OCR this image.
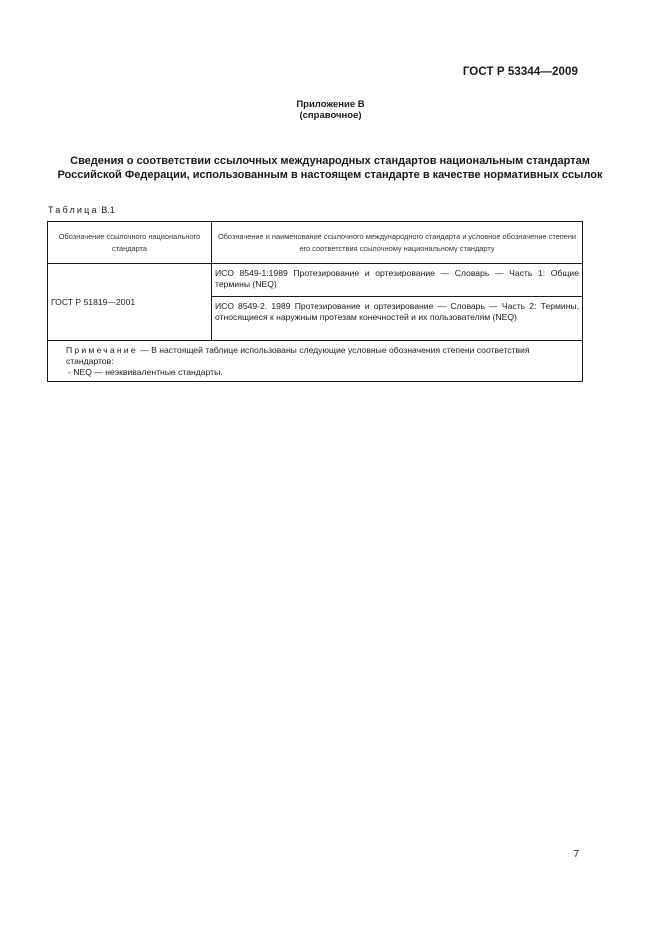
ГОСТ Р 53344—2009
Приложение В
(справочное)
Сведения о соответствии ссылочных международных стандартов национальным стандартам Российской Федерации, использованным в настоящем стандарте в качестве нормативных ссылок
Таблица В.1
Обозначение ссылочного национального стандарта	Обозначение и наименование ссылочного международного стандарта и условное обозначение степени его соответствия ссылочному национальному стандарту
ГОСТ Р 51819—2001	ИСО 8549-1:1989 Протезирование и ортезирование — Словарь — Часть 1: Общие термины (NEQ)
	ИСО 8549-2. 1989 Протезирование и ортезирование — Словарь — Часть 2: Термины, относящиеся к наружным протезам конечностей и их пользователям (NEQ)

Примечание — В настоящей таблице использованы следующие условные обозначения степени соответствия стандартов:
- NEQ — неэквивалентные стандарты.	
7
